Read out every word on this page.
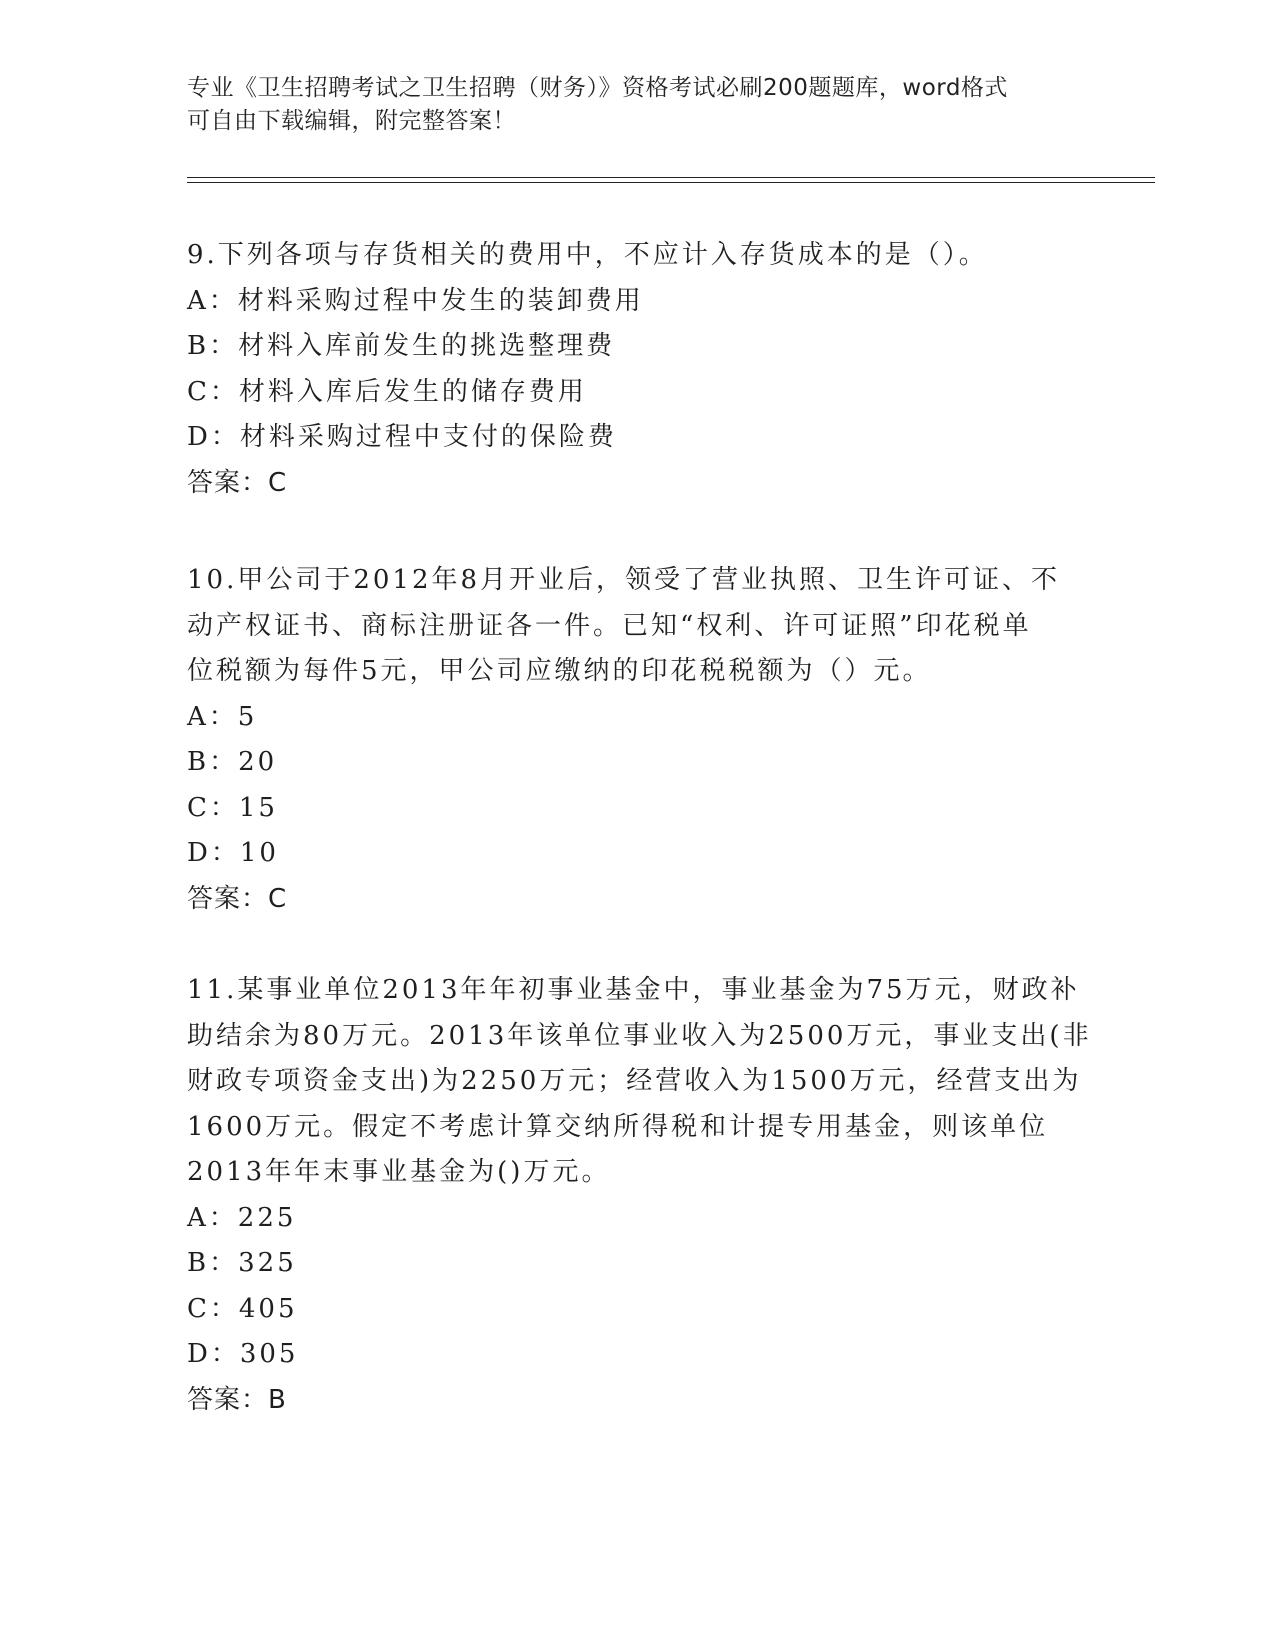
专业《卫生招聘考试之卫生招聘（财务）》资格考试必刷200题题库，word格式
可自由下载编辑，附完整答案！
9.下列各项与存货相关的费用中，不应计入存货成本的是（）。
A：材料采购过程中发生的装卸费用
B：材料入库前发生的挑选整理费
C：材料入库后发生的储存费用
D：材料采购过程中支付的保险费
答案：C
10.甲公司于2012年8月开业后，领受了营业执照、卫生许可证、不
动产权证书、商标注册证各一件。已知“权利、许可证照”印花税单
位税额为每件5元，甲公司应缴纳的印花税税额为（）元。
A：5
B：20
C：15
D：10
答案：C
11.某事业单位2013年年初事业基金中，事业基金为75万元，财政补
助结余为80万元。2013年该单位事业收入为2500万元，事业支出(非
财政专项资金支出)为2250万元；经营收入为1500万元，经营支出为
1600万元。假定不考虑计算交纳所得税和计提专用基金，则该单位
2013年年末事业基金为()万元。
A：225
B：325
C：405
D：305
答案：B
